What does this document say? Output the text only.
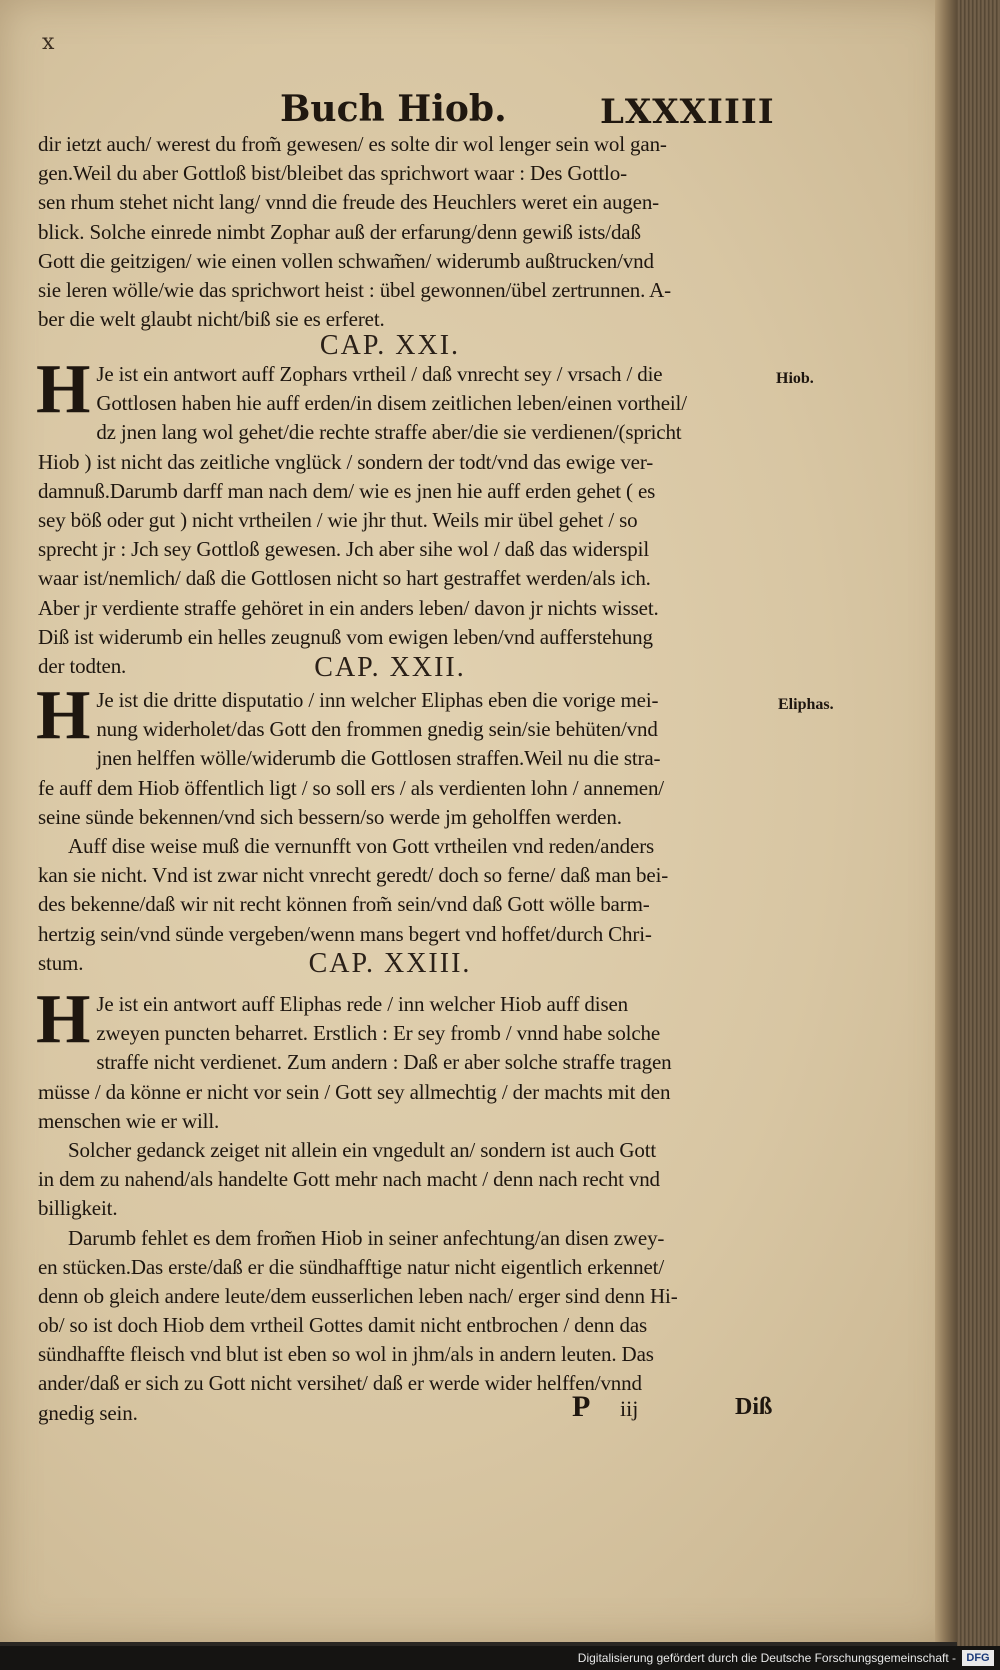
x
Buch Hiob.	LXXXIIII
dir ietzt auch/ werest du from̃ gewesen/ es solte dir wol lenger sein wol gan-
gen.Weil du aber Gottloß bist/bleibet das sprichwort waar : Des Gottlo-
sen rhum stehet nicht lang/ vnnd die freude des Heuchlers weret ein augen-
blick. Solche einrede nimbt Zophar auß der erfarung/denn gewiß ists/daß
Gott die geitzigen/ wie einen vollen schwam̃en/ widerumb außtrucken/vnd
sie leren wölle/wie das sprichwort heist : übel gewonnen/übel zertrunnen. A-
ber die welt glaubt nicht/biß sie es erferet.
CAP. XXI.
Hiob.
H Je ist ein antwort auff Zophars vrtheil / daß vnrecht sey / vrsach / die
Gottlosen haben hie auff erden/in disem zeitlichen leben/einen vortheil/
dz jnen lang wol gehet/die rechte straffe aber/die sie verdienen/(spricht
Hiob ) ist nicht das zeitliche vnglück / sondern der todt/vnd das ewige ver-
damnuß.Darumb darff man nach dem/ wie es jnen hie auff erden gehet ( es
sey böß oder gut ) nicht vrtheilen / wie jhr thut. Weils mir übel gehet / so
sprecht jr : Jch sey Gottloß gewesen. Jch aber sihe wol / daß das widerspil
waar ist/nemlich/ daß die Gottlosen nicht so hart gestraffet werden/als ich.
Aber jr verdiente straffe gehöret in ein anders leben/ davon jr nichts wisset.
Diß ist widerumb ein helles zeugnuß vom ewigen leben/vnd aufferstehung
der todten.	CAP. XXII.
Eliphas.
H Je ist die dritte disputatio / inn welcher Eliphas eben die vorige mei-
nung widerholet/das Gott den frommen gnedig sein/sie behüten/vnd
jnen helffen wölle/widerumb die Gottlosen straffen.Weil nu die stra-
fe auff dem Hiob öffentlich ligt / so soll ers / als verdienten lohn / annemen/
seine sünde bekennen/vnd sich bessern/so werde jm geholffen werden.
Auff dise weise muß die vernunfft von Gott vrtheilen vnd reden/anders
kan sie nicht. Vnd ist zwar nicht vnrecht geredt/ doch so ferne/ daß man bei-
des bekenne/daß wir nit recht können from̃ sein/vnd daß Gott wölle barm-
hertzig sein/vnd sünde vergeben/wenn mans begert vnd hoffet/durch Chri-
stum.	CAP. XXIII.
H Je ist ein antwort auff Eliphas rede / inn welcher Hiob auff disen
zweyen puncten beharret. Erstlich : Er sey fromb / vnnd habe solche
straffe nicht verdienet. Zum andern : Daß er aber solche straffe tragen
müsse / da könne er nicht vor sein / Gott sey allmechtig / der machts mit den
menschen wie er will.
Solcher gedanck zeiget nit allein ein vngedult an/ sondern ist auch Gott
in dem zu nahend/als handelte Gott mehr nach macht / denn nach recht vnd
billigkeit.
Darumb fehlet es dem from̃en Hiob in seiner anfechtung/an disen zwey-
en stücken.Das erste/daß er die sündhafftige natur nicht eigentlich erkennet/
denn ob gleich andere leute/dem eusserlichen leben nach/ erger sind denn Hi-
ob/ so ist doch Hiob dem vrtheil Gottes damit nicht entbrochen / denn das
sündhaffte fleisch vnd blut ist eben so wol in jhm/als in andern leuten. Das
ander/daß er sich zu Gott nicht versihet/ daß er werde wider helffen/vnnd
gnedig sein.	P iij	Diß
Digitalisierung gefördert durch die Deutsche Forschungsgemeinschaft - DFG
